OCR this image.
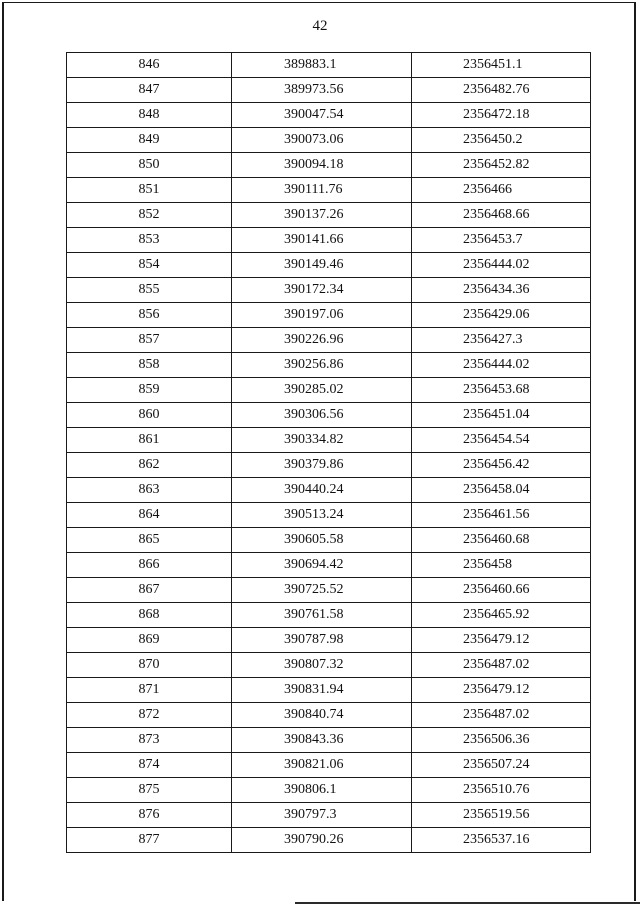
42
846	389883.1	2356451.1
847	389973.56	2356482.76
848	390047.54	2356472.18
849	390073.06	2356450.2
850	390094.18	2356452.82
851	390111.76	2356466
852	390137.26	2356468.66
853	390141.66	2356453.7
854	390149.46	2356444.02
855	390172.34	2356434.36
856	390197.06	2356429.06
857	390226.96	2356427.3
858	390256.86	2356444.02
859	390285.02	2356453.68
860	390306.56	2356451.04
861	390334.82	2356454.54
862	390379.86	2356456.42
863	390440.24	2356458.04
864	390513.24	2356461.56
865	390605.58	2356460.68
866	390694.42	2356458
867	390725.52	2356460.66
868	390761.58	2356465.92
869	390787.98	2356479.12
870	390807.32	2356487.02
871	390831.94	2356479.12
872	390840.74	2356487.02
873	390843.36	2356506.36
874	390821.06	2356507.24
875	390806.1	2356510.76
876	390797.3	2356519.56
877	390790.26	2356537.16
